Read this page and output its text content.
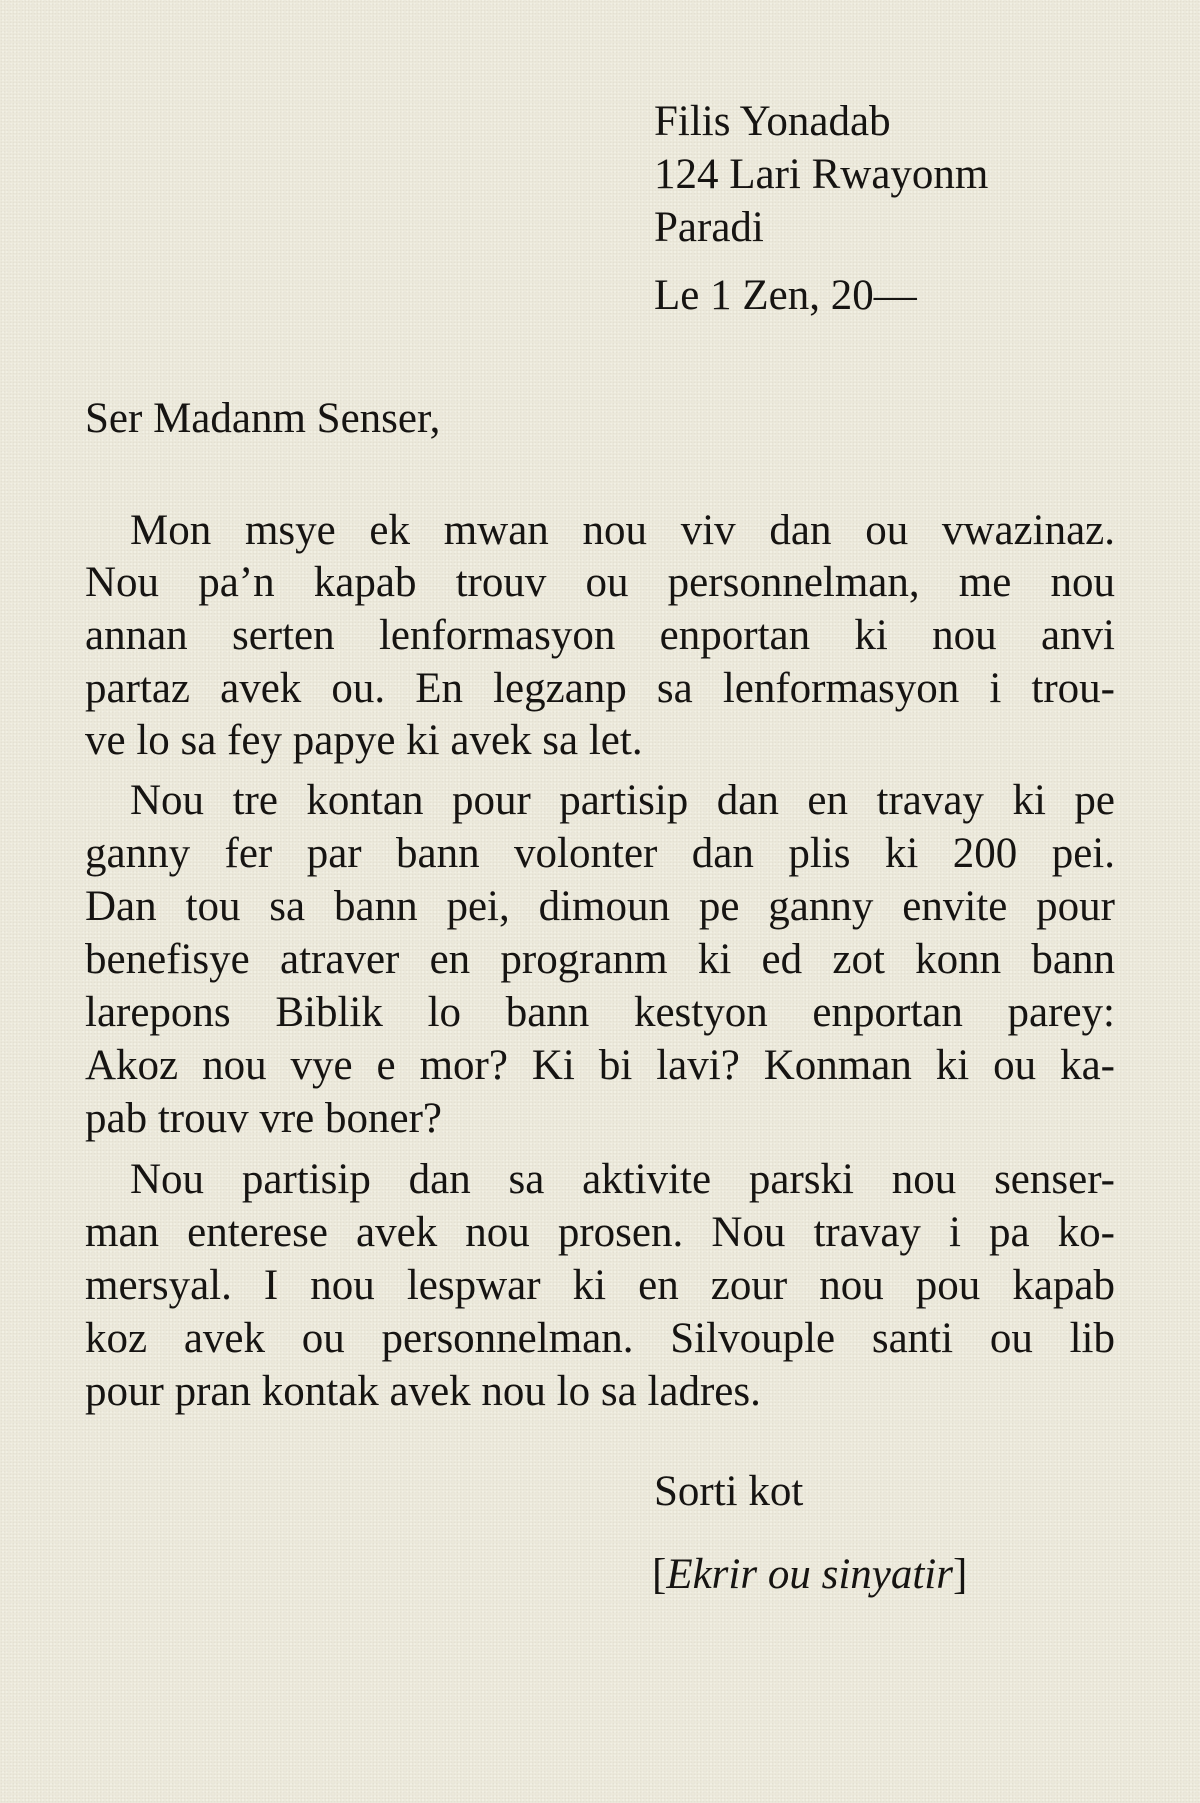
Filis Yonadab
124 Lari Rwayonm
Paradi
Le 1 Zen, 20—
Ser Madanm Senser,
Mon msye ek mwan nou viv dan ou vwazinaz.
Nou pa’n kapab trouv ou personnelman, me nou
annan serten lenformasyon enportan ki nou anvi
partaz avek ou. En legzanp sa lenformasyon i trou-
ve lo sa fey papye ki avek sa let.
Nou tre kontan pour partisip dan en travay ki pe
ganny fer par bann volonter dan plis ki 200 pei.
Dan tou sa bann pei, dimoun pe ganny envite pour
benefisye atraver en progranm ki ed zot konn bann
larepons Biblik lo bann kestyon enportan parey:
Akoz nou vye e mor? Ki bi lavi? Konman ki ou ka-
pab trouv vre boner?
Nou partisip dan sa aktivite parski nou senser-
man enterese avek nou prosen. Nou travay i pa ko-
mersyal. I nou lespwar ki en zour nou pou kapab
koz avek ou personnelman. Silvouple santi ou lib
pour pran kontak avek nou lo sa ladres.
Sorti kot
[Ekrir ou sinyatir]
